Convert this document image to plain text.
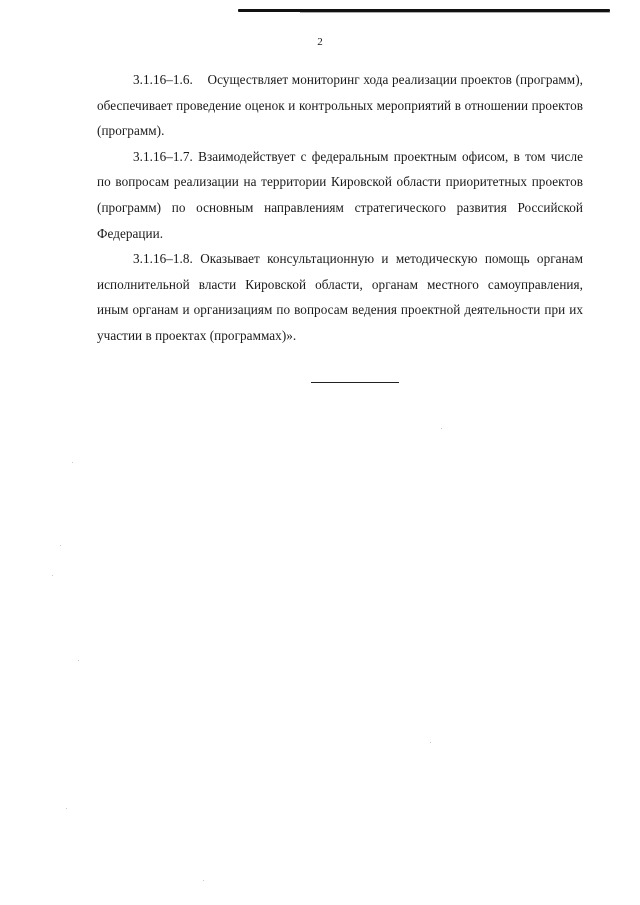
2

3.1.16–1.6. Осуществляет мониторинг хода реализации проектов (программ), обеспечивает проведение оценок и контрольных мероприятий в отношении проектов (программ).

3.1.16–1.7. Взаимодействует с федеральным проектным офисом, в том числе по вопросам реализации на территории Кировской области приоритетных проектов (программ) по основным направлениям стратегического развития Российской Федерации.

3.1.16–1.8. Оказывает консультационную и методическую помощь органам исполнительной власти Кировской области, органам местного самоуправления, иным органам и организациям по вопросам ведения проектной деятельности при их участии в проектах (программах)».
